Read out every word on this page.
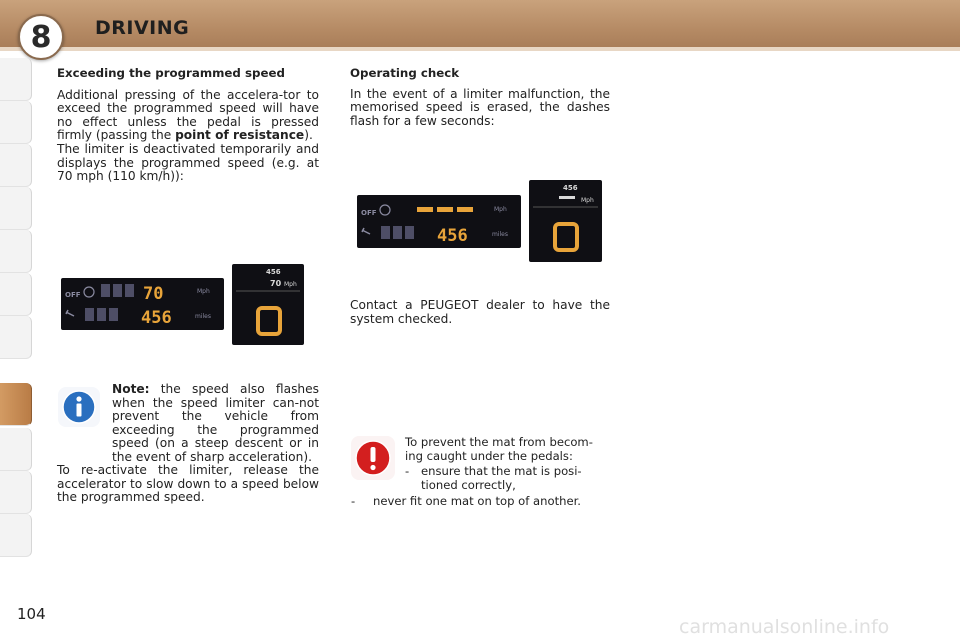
8	DRIVING

Exceeding the programmed speed

Additional pressing of the accelera-tor to exceed the programmed speed will have no effect unless the pedal is pressed firmly (passing the point of resistance).

The limiter is deactivated temporarily and displays the programmed speed (e.g. at 70 mph (110 km/h)):

OFF	70	Mph
456	miles
456
70 Mph

Note: the speed also flashes when the speed limiter can-not prevent the vehicle from exceeding the programmed speed (on a steep descent or in the event of sharp acceleration).

To re-activate the limiter, release the accelerator to slow down to a speed below the programmed speed.

Operating check

In the event of a limiter malfunction, the memorised speed is erased, the dashes flash for a few seconds:

OFF	Mph
456	miles
456
Mph

Contact a PEUGEOT dealer to have the system checked.

To prevent the mat from becom-ing caught under the pedals:

-	ensure that the mat is posi-tioned correctly,
-	never fit one mat on top of another.
104
carmanualsonline.info
